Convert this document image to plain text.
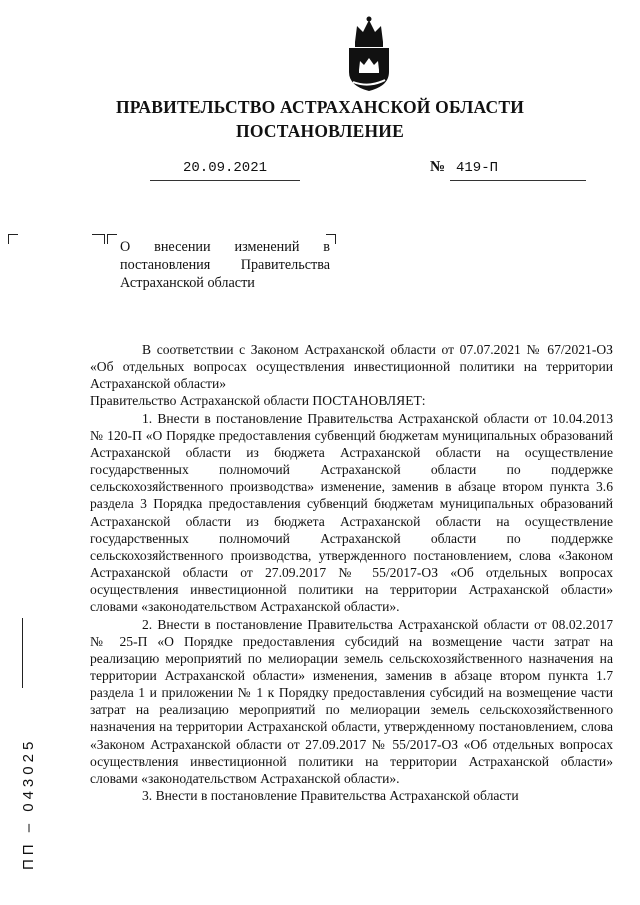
ПРАВИТЕЛЬСТВО АСТРАХАНСКОЙ ОБЛАСТИ
ПОСТАНОВЛЕНИЕ
20.09.2021	№ 419-П
О внесении изменений в постановления Правительства Астраханской области

В соответствии с Законом Астраханской области от 07.07.2021 № 67/2021-ОЗ «Об отдельных вопросах осуществления инвестиционной политики на территории Астраханской области»

Правительство Астраханской области ПОСТАНОВЛЯЕТ:

1. Внести в постановление Правительства Астраханской области от 10.04.2013 № 120-П «О Порядке предоставления субвенций бюджетам муниципальных образований Астраханской области из бюджета Астраханской области на осуществление государственных полномочий Астраханской области по поддержке сельскохозяйственного производства» изменение, заменив в абзаце втором пункта 3.6 раздела 3 Порядка предоставления субвенций бюджетам муниципальных образований Астраханской области из бюджета Астраханской области на осуществление государственных полномочий Астраханской области по поддержке сельскохозяйственного производства, утвержденного постановлением, слова «Законом Астраханской области от 27.09.2017 № 55/2017-ОЗ «Об отдельных вопросах осуществления инвестиционной политики на территории Астраханской области» словами «законодательством Астраханской области».

2. Внести в постановление Правительства Астраханской области от 08.02.2017 № 25-П «О Порядке предоставления субсидий на возмещение части затрат на реализацию мероприятий по мелиорации земель сельскохозяйственного назначения на территории Астраханской области» изменения, заменив в абзаце втором пункта 1.7 раздела 1 и приложении № 1 к Порядку предоставления субсидий на возмещение части затрат на реализацию мероприятий по мелиорации земель сельскохозяйственного назначения на территории Астраханской области, утвержденному постановлением, слова «Законом Астраханской области от 27.09.2017 № 55/2017-ОЗ «Об отдельных вопросах осуществления инвестиционной политики на территории Астраханской области» словами «законодательством Астраханской области».

3. Внести в постановление Правительства Астраханской области

ПП – 043025
